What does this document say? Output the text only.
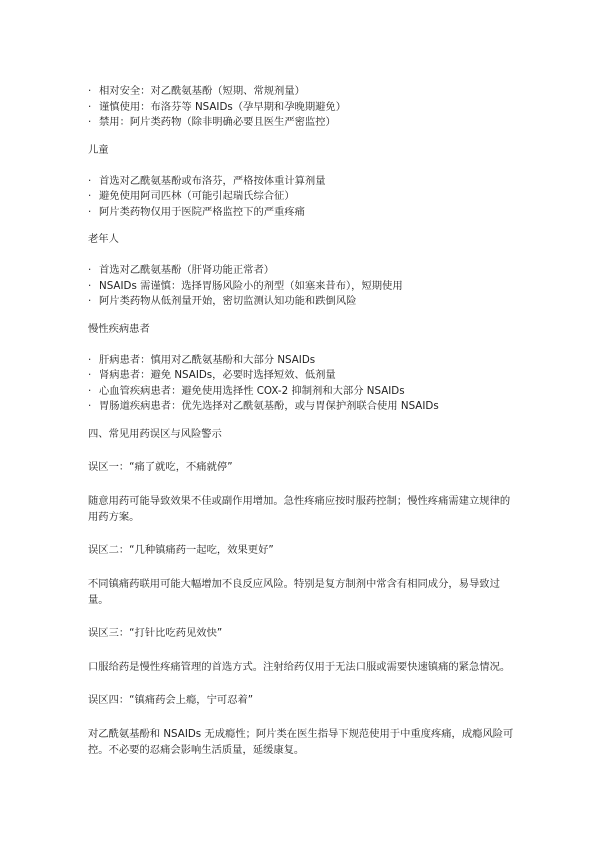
· 相对安全：对乙酰氨基酚（短期、常规剂量）
· 谨慎使用：布洛芬等 NSAIDs（孕早期和孕晚期避免）
· 禁用：阿片类药物（除非明确必要且医生严密监控）

儿童

· 首选对乙酰氨基酚或布洛芬，严格按体重计算剂量
· 避免使用阿司匹林（可能引起瑞氏综合征）
· 阿片类药物仅用于医院严格监控下的严重疼痛

老年人

· 首选对乙酰氨基酚（肝肾功能正常者）
· NSAIDs 需谨慎：选择胃肠风险小的剂型（如塞来昔布），短期使用
· 阿片类药物从低剂量开始，密切监测认知功能和跌倒风险

慢性疾病患者

· 肝病患者：慎用对乙酰氨基酚和大部分 NSAIDs
· 肾病患者：避免 NSAIDs，必要时选择短效、低剂量
· 心血管疾病患者：避免使用选择性 COX-2 抑制剂和大部分 NSAIDs
· 胃肠道疾病患者：优先选择对乙酰氨基酚，或与胃保护剂联合使用 NSAIDs

四、常见用药误区与风险警示

误区一：“痛了就吃，不痛就停”

随意用药可能导致效果不佳或副作用增加。急性疼痛应按时服药控制；慢性疼痛需建立规律的用药方案。

误区二：“几种镇痛药一起吃，效果更好”

不同镇痛药联用可能大幅增加不良反应风险。特别是复方制剂中常含有相同成分，易导致过量。

误区三：“打针比吃药见效快”

口服给药是慢性疼痛管理的首选方式。注射给药仅用于无法口服或需要快速镇痛的紧急情况。

误区四：“镇痛药会上瘾，宁可忍着”

对乙酰氨基酚和 NSAIDs 无成瘾性；阿片类在医生指导下规范使用于中重度疼痛，成瘾风险可控。不必要的忍痛会影响生活质量，延缓康复。
